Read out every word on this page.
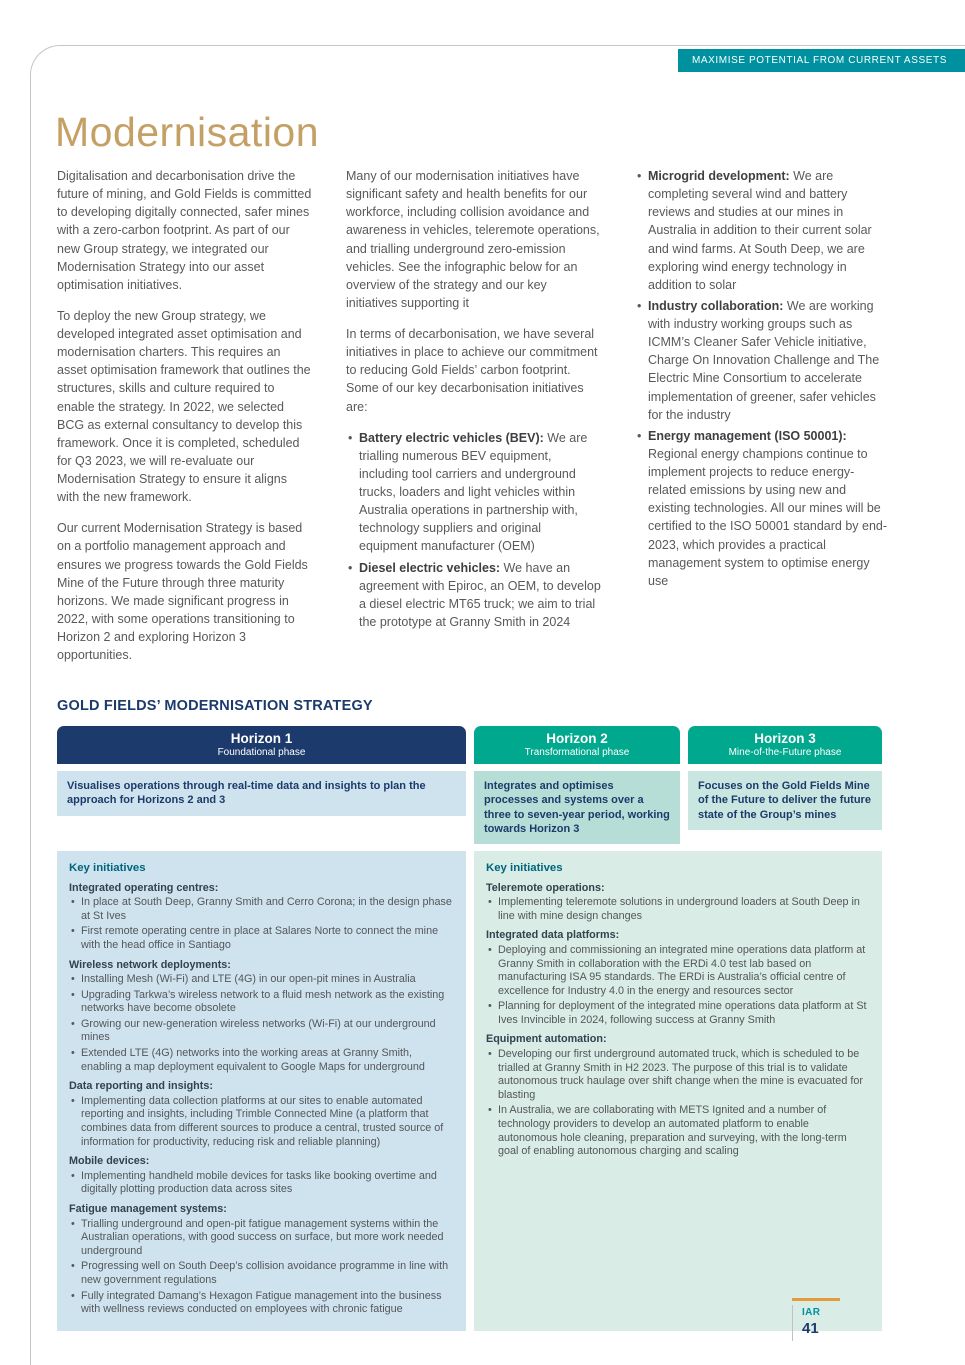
MAXIMISE POTENTIAL FROM CURRENT ASSETS
Modernisation

Digitalisation and decarbonisation drive the future of mining, and Gold Fields is committed to developing digitally connected, safer mines with a zero-carbon footprint. As part of our new Group strategy, we integrated our Modernisation Strategy into our asset optimisation initiatives.

To deploy the new Group strategy, we developed integrated asset optimisation and modernisation charters. This requires an asset optimisation framework that outlines the structures, skills and culture required to enable the strategy. In 2022, we selected BCG as external consultancy to develop this framework. Once it is completed, scheduled for Q3 2023, we will re-evaluate our Modernisation Strategy to ensure it aligns with the new framework.

Our current Modernisation Strategy is based on a portfolio management approach and ensures we progress towards the Gold Fields Mine of the Future through three maturity horizons. We made significant progress in 2022, with some operations transitioning to Horizon 2 and exploring Horizon 3 opportunities.

Many of our modernisation initiatives have significant safety and health benefits for our workforce, including collision avoidance and awareness in vehicles, teleremote operations, and trialling underground zero-emission vehicles. See the infographic below for an overview of the strategy and our key initiatives supporting it

In terms of decarbonisation, we have several initiatives in place to achieve our commitment to reducing Gold Fields’ carbon footprint. Some of our key decarbonisation initiatives are:

• Battery electric vehicles (BEV): We are trialling numerous BEV equipment, including tool carriers and underground trucks, loaders and light vehicles within Australia operations in partnership with, technology suppliers and original equipment manufacturer (OEM)
• Diesel electric vehicles: We have an agreement with Epiroc, an OEM, to develop a diesel electric MT65 truck; we aim to trial the prototype at Granny Smith in 2024
• Microgrid development: We are completing several wind and battery reviews and studies at our mines in Australia in addition to their current solar and wind farms. At South Deep, we are exploring wind energy technology in addition to solar
• Industry collaboration: We are working with industry working groups such as ICMM’s Cleaner Safer Vehicle initiative, Charge On Innovation Challenge and The Electric Mine Consortium to accelerate implementation of greener, safer vehicles for the industry
• Energy management (ISO 50001): Regional energy champions continue to implement projects to reduce energy-related emissions by using new and existing technologies. All our mines will be certified to the ISO 50001 standard by end-2023, which provides a practical management system to optimise energy use
GOLD FIELDS’ MODERNISATION STRATEGY
Horizon 1
Foundational phase
Horizon 2
Transformational phase
Horizon 3
Mine-of-the-Future phase
Visualises operations through real-time data and insights to plan the approach for Horizons 2 and 3
Integrates and optimises processes and systems over a three to seven-year period, working towards Horizon 3
Focuses on the Gold Fields Mine of the Future to deliver the future state of the Group’s mines
Key initiatives
Integrated operating centres:
• In place at South Deep, Granny Smith and Cerro Corona; in the design phase at St Ives
• First remote operating centre in place at Salares Norte to connect the mine with the head office in Santiago
Wireless network deployments:
• Installing Mesh (Wi-Fi) and LTE (4G) in our open-pit mines in Australia
• Upgrading Tarkwa’s wireless network to a fluid mesh network as the existing networks have become obsolete
• Growing our new-generation wireless networks (Wi-Fi) at our underground mines
• Extended LTE (4G) networks into the working areas at Granny Smith, enabling a map deployment equivalent to Google Maps for underground
Data reporting and insights:
• Implementing data collection platforms at our sites to enable automated reporting and insights, including Trimble Connected Mine (a platform that combines data from different sources to produce a central, trusted source of information for productivity, reducing risk and reliable planning)
Mobile devices:
• Implementing handheld mobile devices for tasks like booking overtime and digitally plotting production data across sites
Fatigue management systems:
• Trialling underground and open-pit fatigue management systems within the Australian operations, with good success on surface, but more work needed underground
• Progressing well on South Deep’s collision avoidance programme in line with new government regulations
• Fully integrated Damang’s Hexagon Fatigue management into the business with wellness reviews conducted on employees with chronic fatigue
Key initiatives
Teleremote operations:
• Implementing teleremote solutions in underground loaders at South Deep in line with mine design changes
Integrated data platforms:
• Deploying and commissioning an integrated mine operations data platform at Granny Smith in collaboration with the ERDi 4.0 test lab based on manufacturing ISA 95 standards. The ERDi is Australia’s official centre of excellence for Industry 4.0 in the energy and resources sector
• Planning for deployment of the integrated mine operations data platform at St Ives Invincible in 2024, following success at Granny Smith
Equipment automation:
• Developing our first underground automated truck, which is scheduled to be trialled at Granny Smith in H2 2023. The purpose of this trial is to validate autonomous truck haulage over shift change when the mine is evacuated for blasting
• In Australia, we are collaborating with METS Ignited and a number of technology providers to develop an automated platform to enable autonomous hole cleaning, preparation and surveying, with the long-term goal of enabling autonomous charging and scaling
IAR
41
